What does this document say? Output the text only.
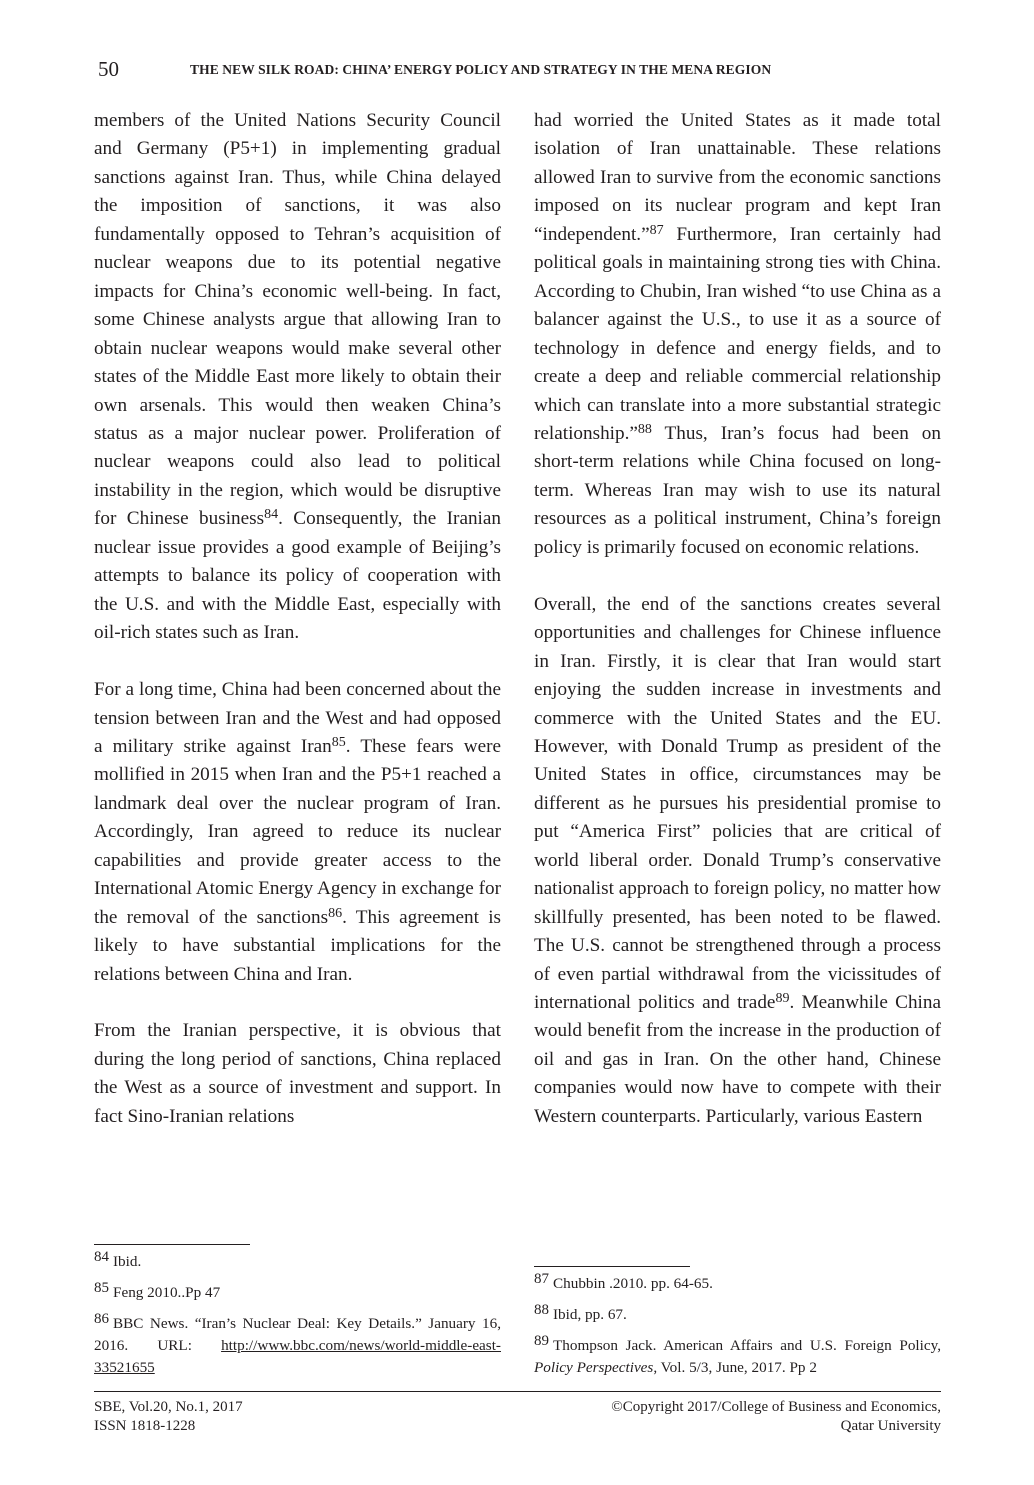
50	THE NEW SILK ROAD: CHINA’ ENERGY POLICY AND STRATEGY IN THE MENA REGION

members of the United Nations Security Council and Germany (P5+1) in implementing gradual sanctions against Iran. Thus, while China delayed the imposition of sanctions, it was also fundamentally opposed to Tehran’s acquisition of nuclear weapons due to its potential negative impacts for China’s economic well-being. In fact, some Chinese analysts argue that allowing Iran to obtain nuclear weapons would make several other states of the Middle East more likely to obtain their own arsenals. This would then weaken China’s status as a major nuclear power. Proliferation of nuclear weapons could also lead to political instability in the region, which would be disruptive for Chinese business$^{84}$. Consequently, the Iranian nuclear issue provides a good example of Beijing’s attempts to balance its policy of cooperation with the U.S. and with the Middle East, especially with oil-rich states such as Iran.

For a long time, China had been concerned about the tension between Iran and the West and had opposed a military strike against Iran$^{85}$. These fears were mollified in 2015 when Iran and the P5+1 reached a landmark deal over the nuclear program of Iran. Accordingly, Iran agreed to reduce its nuclear capabilities and provide greater access to the International Atomic Energy Agency in exchange for the removal of the sanctions$^{86}$. This agreement is likely to have substantial implications for the relations between China and Iran.

From the Iranian perspective, it is obvious that during the long period of sanctions, China replaced the West as a source of investment and support. In fact Sino-Iranian relations

had worried the United States as it made total isolation of Iran unattainable. These relations allowed Iran to survive from the economic sanctions imposed on its nuclear program and kept Iran “independent.”$^{87}$ Furthermore, Iran certainly had political goals in maintaining strong ties with China. According to Chubin, Iran wished “to use China as a balancer against the U.S., to use it as a source of technology in defence and energy fields, and to create a deep and reliable commercial relationship which can translate into a more substantial strategic relationship.”$^{88}$ Thus, Iran’s focus had been on short-term relations while China focused on long-term. Whereas Iran may wish to use its natural resources as a political instrument, China’s foreign policy is primarily focused on economic relations.

Overall, the end of the sanctions creates several opportunities and challenges for Chinese influence in Iran. Firstly, it is clear that Iran would start enjoying the sudden increase in investments and commerce with the United States and the EU. However, with Donald Trump as president of the United States in office, circumstances may be different as he pursues his presidential promise to put “America First” policies that are critical of world liberal order. Donald Trump’s conservative nationalist approach to foreign policy, no matter how skillfully presented, has been noted to be flawed. The U.S. cannot be strengthened through a process of even partial withdrawal from the vicissitudes of international politics and trade$^{89}$. Meanwhile China would benefit from the increase in the production of oil and gas in Iran. On the other hand, Chinese companies would now have to compete with their Western counterparts. Particularly, various Eastern

84 Ibid.

85 Feng 2010..Pp 47

86 BBC News. “Iran’s Nuclear Deal: Key Details.” January 16, 2016. URL: http://www.bbc.com/news/world-middle-east-33521655

87 Chubbin .2010. pp. 64-65.

88 Ibid, pp. 67.

89 Thompson Jack. American Affairs and U.S. Foreign Policy, Policy Perspectives, Vol. 5/3, June, 2017. Pp 2

SBE, Vol.20, No.1, 2017
ISSN 1818-1228
©Copyright 2017/College of Business and Economics,
Qatar University
